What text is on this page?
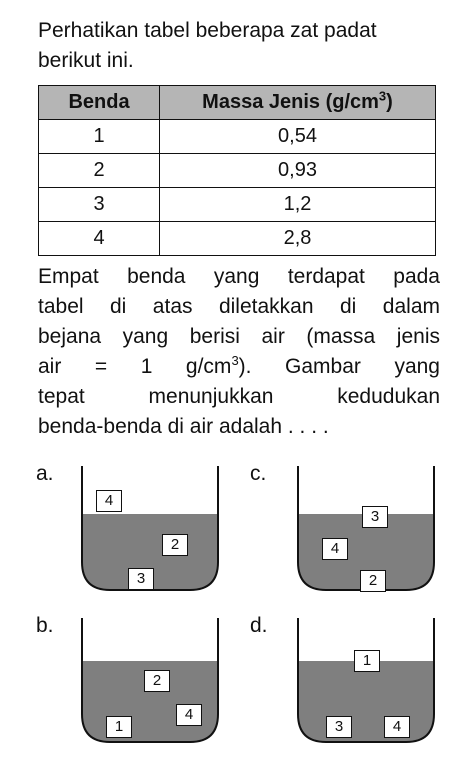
Perhatikan tabel beberapa zat padat berikut ini.

Benda	Massa Jenis $(g/cm^3)$
1	0,54
2	0,93
3	1,2
4	2,8

Empat benda yang terdapat pada
tabel di atas diletakkan di dalam
bejana yang berisi air (massa jenis
air = 1 $g/cm^3$). Gambar yang
tepat menunjukkan kedudukan
benda-benda di air adalah . . . .

a.
4
2
3
c.
3
4
2
b.
2
1
4
d.
1
3	4
